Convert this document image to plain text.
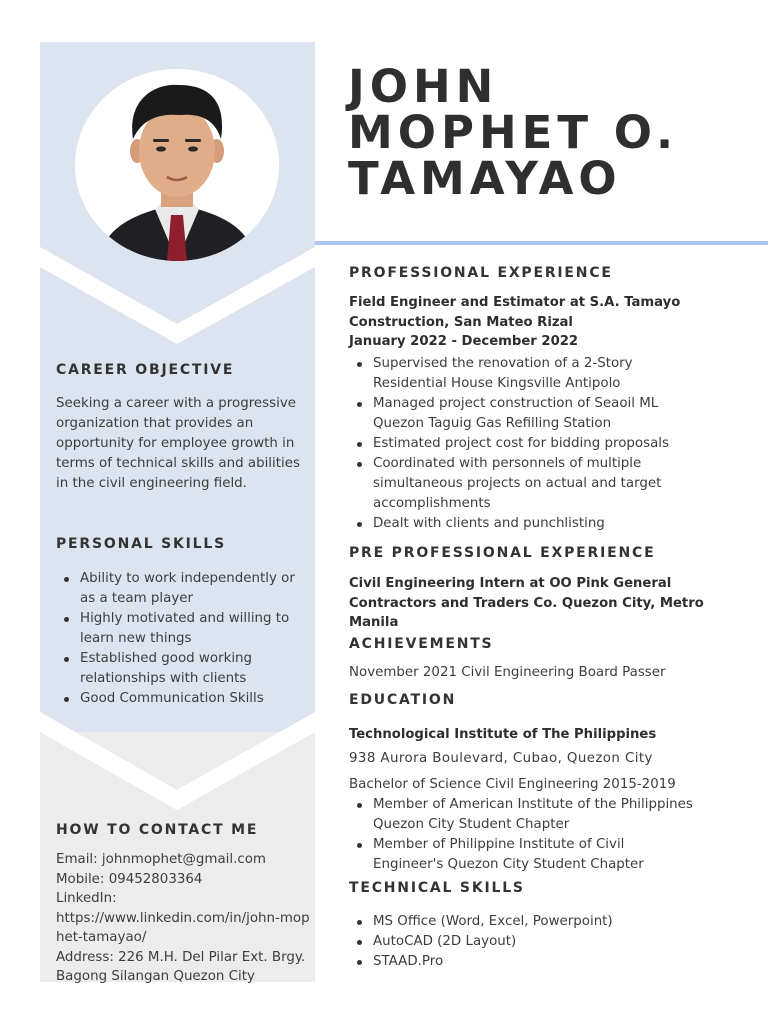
JOHN
MOPHET O.
TAMAYAO
CAREER OBJECTIVE

Seeking a career with a progressive organization that provides an opportunity for employee growth in terms of technical skills and abilities in the civil engineering field.

PERSONAL SKILLS
Ability to work independently or as a team player
Highly motivated and willing to learn new things
Established good working relationships with clients
Good Communication Skills
HOW TO CONTACT ME
Email: johnmophet@gmail.com
Mobile: 09452803364
LinkedIn:
https://www.linkedin.com/in/john-mophet-tamayao/
Address: 226 M.H. Del Pilar Ext. Brgy. Bagong Silangan Quezon City
PROFESSIONAL EXPERIENCE
Field Engineer and Estimator at S.A. Tamayo
Construction, San Mateo Rizal
January 2022 - December 2022
Supervised the renovation of a 2-Story Residential House Kingsville Antipolo
Managed project construction of Seaoil ML Quezon Taguig Gas Refilling Station
Estimated project cost for bidding proposals
Coordinated with personnels of multiple simultaneous projects on actual and target accomplishments
Dealt with clients and punchlisting
PRE PROFESSIONAL EXPERIENCE
Civil Engineering Intern at OO Pink General
Contractors and Traders Co. Quezon City, Metro
Manila
ACHIEVEMENTS

November 2021 Civil Engineering Board Passer

EDUCATION

Technological Institute of The Philippines

938 Aurora Boulevard, Cubao, Quezon City

Bachelor of Science Civil Engineering 2015-2019

Member of American Institute of the Philippines Quezon City Student Chapter
Member of Philippine Institute of Civil Engineer's Quezon City Student Chapter
TECHNICAL SKILLS
MS Office (Word, Excel, Powerpoint)
AutoCAD (2D Layout)
STAAD.Pro
